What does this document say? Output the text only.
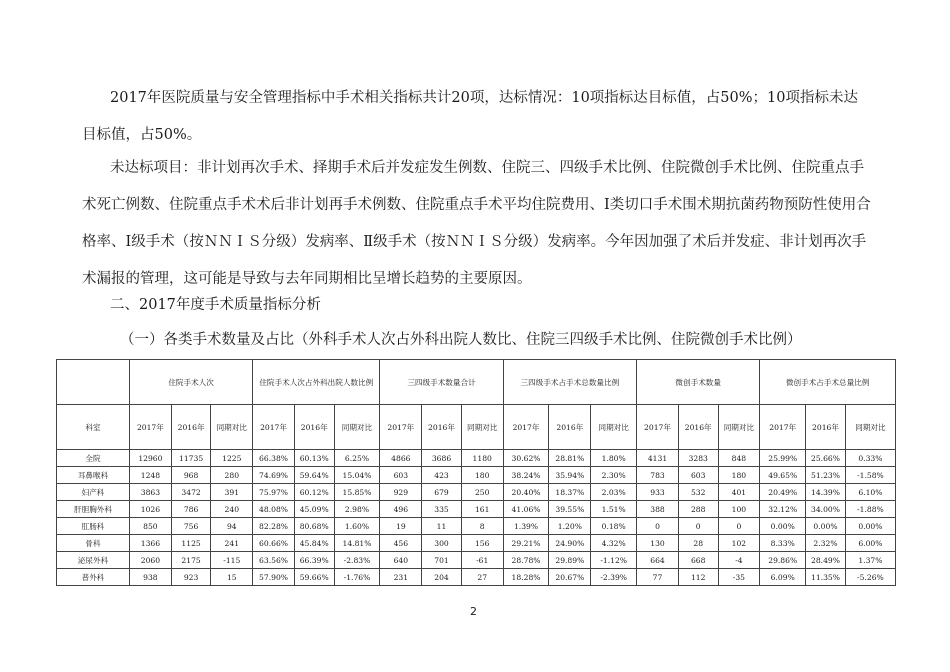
2017年医院质量与安全管理指标中手术相关指标共计20项，达标情况：10项指标达目标值，占50%；10项指标未达目标值，占50%。

未达标项目：非计划再次手术、择期手术后并发症发生例数、住院三、四级手术比例、住院微创手术比例、住院重点手术死亡例数、住院重点手术术后非计划再手术例数、住院重点手术平均住院费用、Ⅰ类切口手术围术期抗菌药物预防性使用合格率、Ⅰ级手术（按ＮＮＩＳ分级）发病率、Ⅱ级手术（按ＮＮＩＳ分级）发病率。今年因加强了术后并发症、非计划再次手术漏报的管理，这可能是导致与去年同期相比呈增长趋势的主要原因。

二、2017年度手术质量指标分析

（一）各类手术数量及占比（外科手术人次占外科出院人数比、住院三四级手术比例、住院微创手术比例）

	住院手术人次			住院手术人次占外科出院人数比例			三四级手术数量合计			三四级手术占手术总数量比例			微创手术数量			微创手术占手术总量比例		
科室	2017年	2016年	同期对比	2017年	2016年	同期对比	2017年	2016年	同期对比	2017年	2016年	同期对比	2017年	2016年	同期对比	2017年	2016年	同期对比
全院	12960	11735	1225	66.38%	60.13%	6.25%	4866	3686	1180	30.62%	28.81%	1.80%	4131	3283	848	25.99%	25.66%	0.33%
耳鼻喉科	1248	968	280	74.69%	59.64%	15.04%	603	423	180	38.24%	35.94%	2.30%	783	603	180	49.65%	51.23%	-1.58%
妇产科	3863	3472	391	75.97%	60.12%	15.85%	929	679	250	20.40%	18.37%	2.03%	933	532	401	20.49%	14.39%	6.10%
肝胆胸外科	1026	786	240	48.08%	45.09%	2.98%	496	335	161	41.06%	39.55%	1.51%	388	288	100	32.12%	34.00%	-1.88%
肛肠科	850	756	94	82.28%	80.68%	1.60%	19	11	8	1.39%	1.20%	0.18%	0	0	0	0.00%	0.00%	0.00%
骨科	1366	1125	241	60.66%	45.84%	14.81%	456	300	156	29.21%	24.90%	4.32%	130	28	102	8.33%	2.32%	6.00%
泌尿外科	2060	2175	-115	63.56%	66.39%	-2.83%	640	701	-61	28.78%	29.89%	-1.12%	664	668	-4	29.86%	28.49%	1.37%
普外科	938	923	15	57.90%	59.66%	-1.76%	231	204	27	18.28%	20.67%	-2.39%	77	112	-35	6.09%	11.35%	-5.26%
2
